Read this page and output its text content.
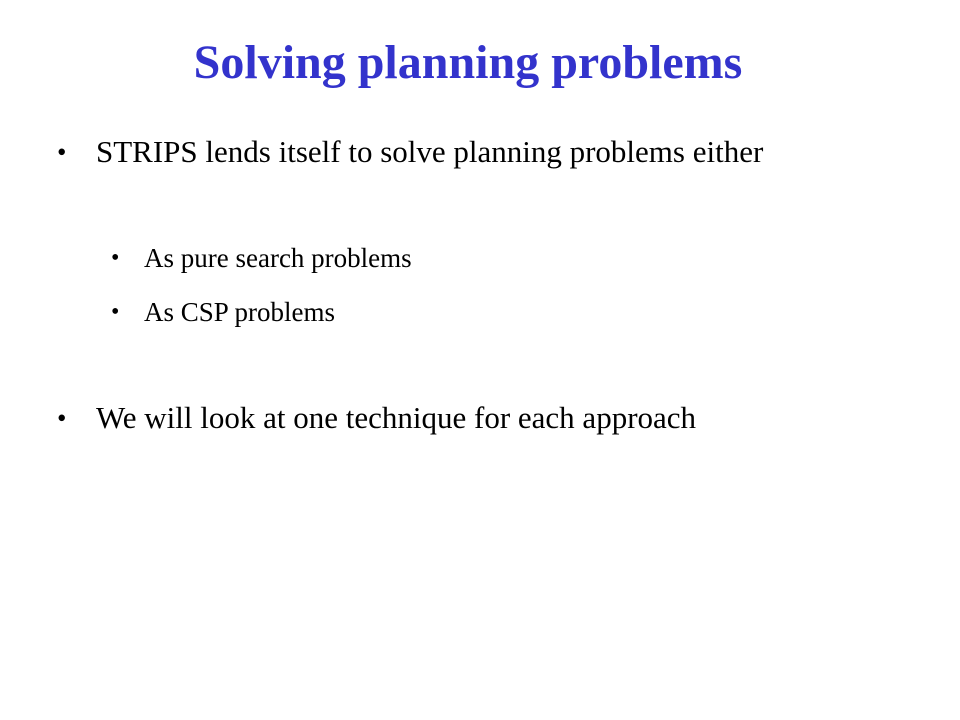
Solving planning problems

• STRIPS lends itself to solve planning problems either

• As pure search problems

• As CSP problems

• We will look at one technique for each approach
